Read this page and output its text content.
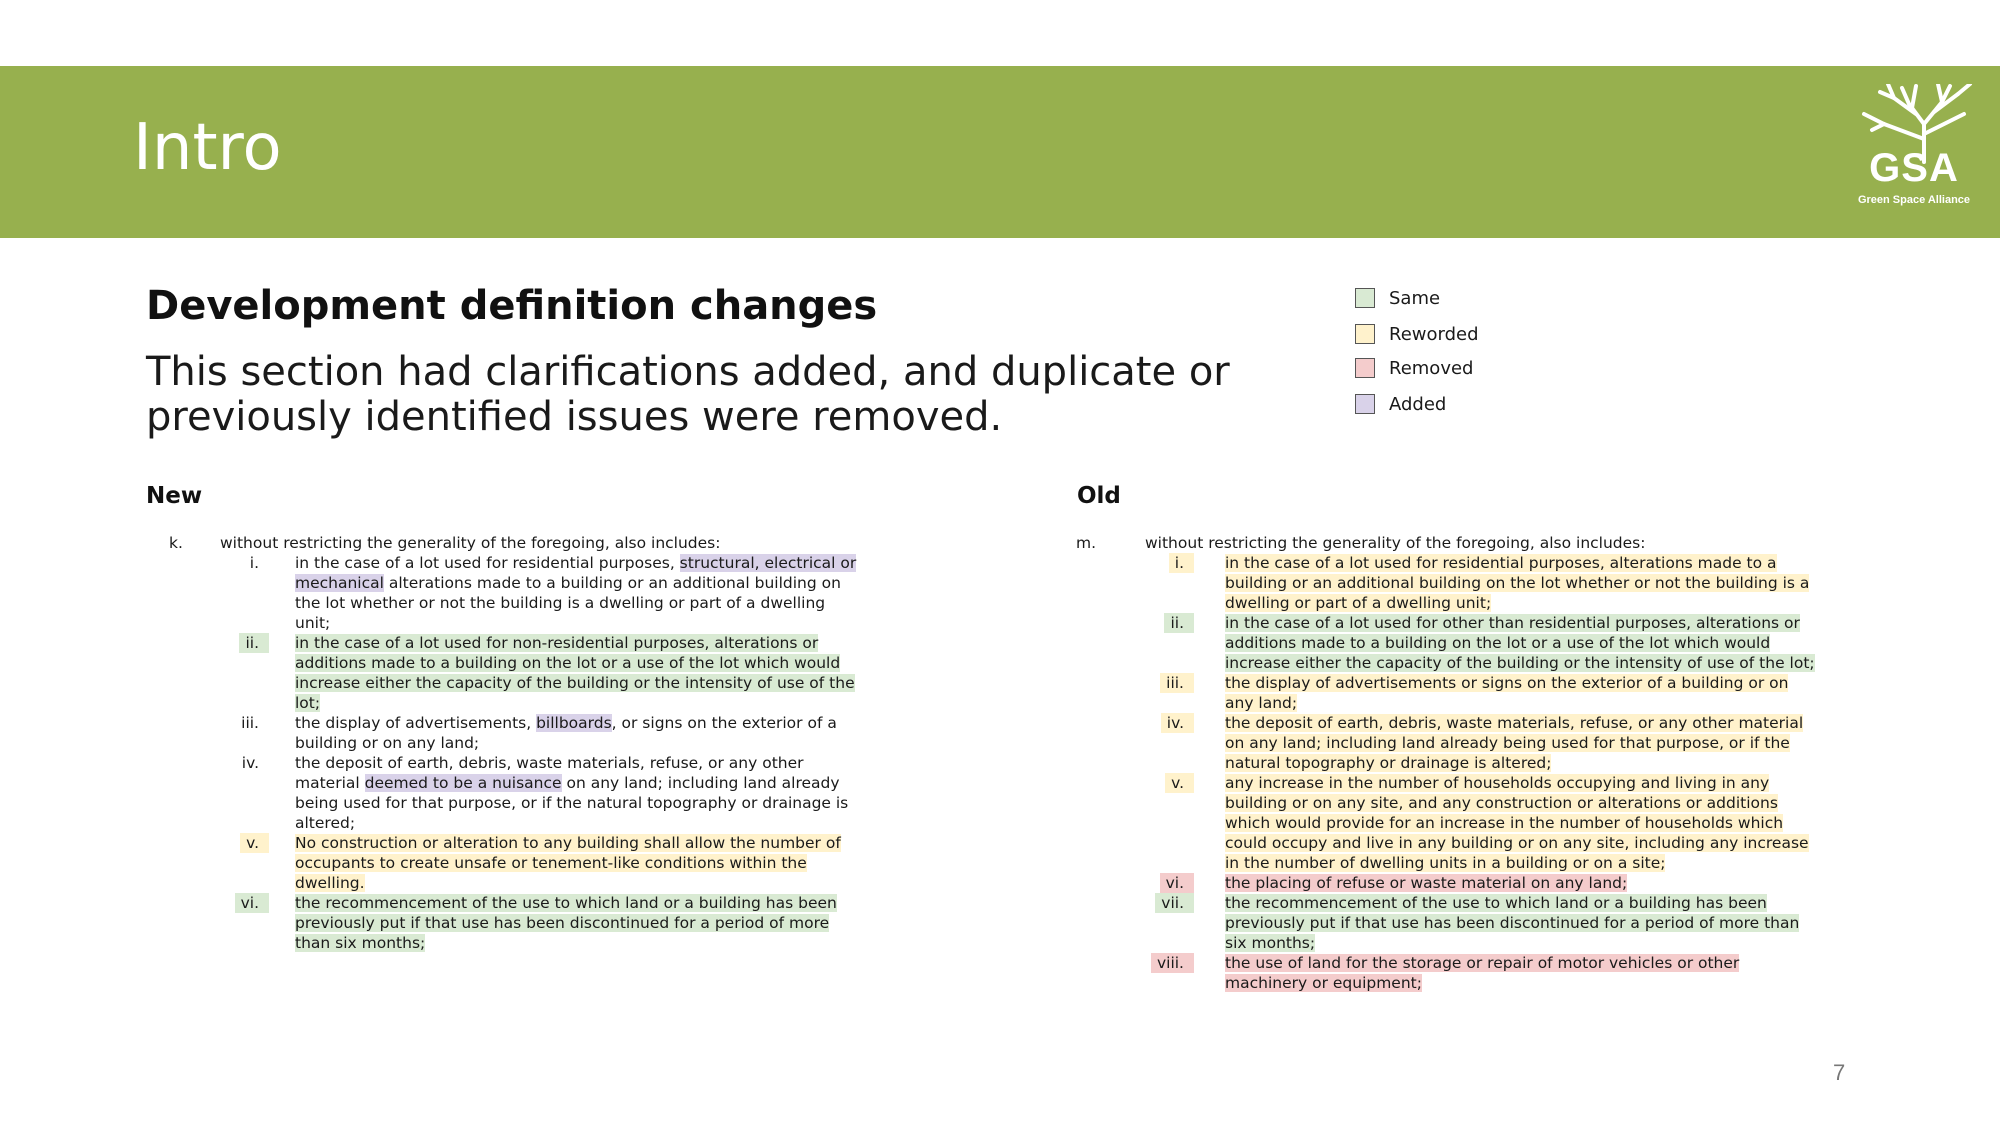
Intro	GSA
Green Space Alliance
Development definition changes
This section had clarifications added, and duplicate or previously identified issues were removed.
Same
Reworded
Removed
Added
New	Old
k. without restricting the generality of the foregoing, also includes:
i.	in the case of a lot used for residential purposes, structural, electrical or mechanical alterations made to a building or an additional building on the lot whether or not the building is a dwelling or part of a dwelling unit;
ii.	in the case of a lot used for non-residential purposes, alterations or additions made to a building on the lot or a use of the lot which would increase either the capacity of the building or the intensity of use of the lot;
iii.	the display of advertisements, billboards, or signs on the exterior of a building or on any land;
iv.	the deposit of earth, debris, waste materials, refuse, or any other material deemed to be a nuisance on any land; including land already being used for that purpose, or if the natural topography or drainage is altered;
v.	No construction or alteration to any building shall allow the number of occupants to create unsafe or tenement-like conditions within the dwelling.
vi.	the recommencement of the use to which land or a building has been previously put if that use has been discontinued for a period of more than six months;
m.	without restricting the generality of the foregoing, also includes:
i.	in the case of a lot used for residential purposes, alterations made to a building or an additional building on the lot whether or not the building is a dwelling or part of a dwelling unit;
ii.	in the case of a lot used for other than residential purposes, alterations or additions made to a building on the lot or a use of the lot which would increase either the capacity of the building or the intensity of use of the lot;
iii.	the display of advertisements or signs on the exterior of a building or on any land;
iv.	the deposit of earth, debris, waste materials, refuse, or any other material on any land; including land already being used for that purpose, or if the natural topography or drainage is altered;
v.	any increase in the number of households occupying and living in any building or on any site, and any construction or alterations or additions which would provide for an increase in the number of households which could occupy and live in any building or on any site, including any increase in the number of dwelling units in a building or on a site;
vi.	the placing of refuse or waste material on any land;
vii.	the recommencement of the use to which land or a building has been previously put if that use has been discontinued for a period of more than six months;
viii.	the use of land for the storage or repair of motor vehicles or other machinery or equipment;
7
